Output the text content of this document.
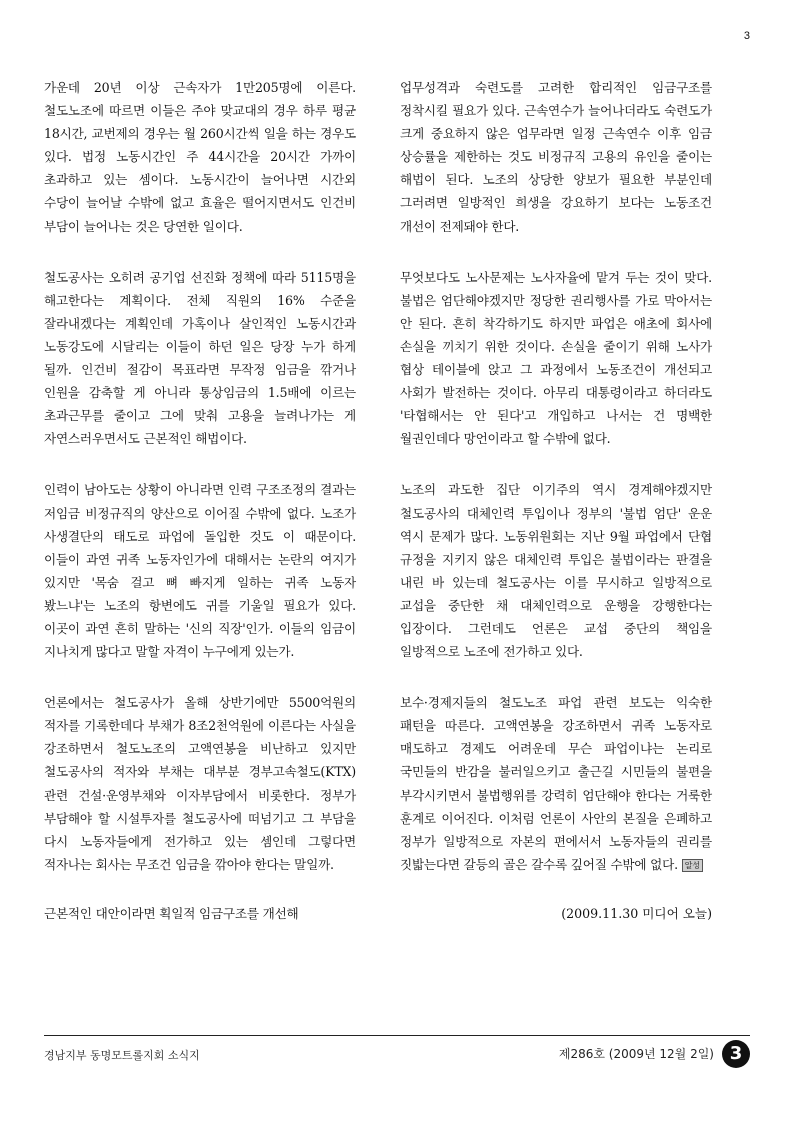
3

가운데 20년 이상 근속자가 1만205명에 이른다. 철도노조에 따르면 이들은 주야 맞교대의 경우 하루 평균 18시간, 교번제의 경우는 월 260시간씩 일을 하는 경우도 있다. 법정 노동시간인 주 44시간을 20시간 가까이 초과하고 있는 셈이다. 노동시간이 늘어나면 시간외 수당이 늘어날 수밖에 없고 효율은 떨어지면서도 인건비 부담이 늘어나는 것은 당연한 일이다.

철도공사는 오히려 공기업 선진화 정책에 따라 5115명을 해고한다는 계획이다. 전체 직원의 16% 수준을 잘라내겠다는 계획인데 가혹이나 살인적인 노동시간과 노동강도에 시달리는 이들이 하던 일은 당장 누가 하게 될까. 인건비 절감이 목표라면 무작정 임금을 깎거나 인원을 감축할 게 아니라 통상임금의 1.5배에 이르는 초과근무를 줄이고 그에 맞춰 고용을 늘려나가는 게 자연스러우면서도 근본적인 해법이다.

인력이 남아도는 상황이 아니라면 인력 구조조정의 결과는 저임금 비정규직의 양산으로 이어질 수밖에 없다. 노조가 사생결단의 태도로 파업에 돌입한 것도 이 때문이다. 이들이 과연 귀족 노동자인가에 대해서는 논란의 여지가 있지만 '목숨 걸고 뼈 빠지게 일하는 귀족 노동자 봤느냐'는 노조의 항변에도 귀를 기울일 필요가 있다. 이곳이 과연 흔히 말하는 '신의 직장'인가. 이들의 임금이 지나치게 많다고 말할 자격이 누구에게 있는가.

언론에서는 철도공사가 올해 상반기에만 5500억원의 적자를 기록한데다 부채가 8조2천억원에 이른다는 사실을 강조하면서 철도노조의 고액연봉을 비난하고 있지만 철도공사의 적자와 부채는 대부분 경부고속철도(KTX) 관련 건설·운영부채와 이자부담에서 비롯한다. 정부가 부담해야 할 시설투자를 철도공사에 떠넘기고 그 부담을 다시 노동자들에게 전가하고 있는 셈인데 그렇다면 적자나는 회사는 무조건 임금을 깎아야 한다는 말일까.

근본적인 대안이라면 획일적 임금구조를 개선해

업무성격과 숙련도를 고려한 합리적인 임금구조를 정착시킬 필요가 있다. 근속연수가 늘어나더라도 숙련도가 크게 중요하지 않은 업무라면 일정 근속연수 이후 임금 상승률을 제한하는 것도 비정규직 고용의 유인을 줄이는 해법이 된다. 노조의 상당한 양보가 필요한 부분인데 그러려면 일방적인 희생을 강요하기 보다는 노동조건 개선이 전제돼야 한다.

무엇보다도 노사문제는 노사자율에 맡겨 두는 것이 맞다. 불법은 엄단해야겠지만 정당한 권리행사를 가로 막아서는 안 된다. 흔히 착각하기도 하지만 파업은 애초에 회사에 손실을 끼치기 위한 것이다. 손실을 줄이기 위해 노사가 협상 테이블에 앉고 그 과정에서 노동조건이 개선되고 사회가 발전하는 것이다. 아무리 대통령이라고 하더라도 '타협해서는 안 된다'고 개입하고 나서는 건 명백한 월권인데다 망언이라고 할 수밖에 없다.

노조의 과도한 집단 이기주의 역시 경계해야겠지만 철도공사의 대체인력 투입이나 정부의 '불법 엄단' 운운 역시 문제가 많다. 노동위원회는 지난 9월 파업에서 단협 규정을 지키지 않은 대체인력 투입은 불법이라는 판결을 내린 바 있는데 철도공사는 이를 무시하고 일방적으로 교섭을 중단한 채 대체인력으로 운행을 강행한다는 입장이다. 그런데도 언론은 교섭 중단의 책임을 일방적으로 노조에 전가하고 있다.

보수·경제지들의 철도노조 파업 관련 보도는 익숙한 패턴을 따른다. 고액연봉을 강조하면서 귀족 노동자로 매도하고 경제도 어려운데 무슨 파업이냐는 논리로 국민들의 반감을 불러일으키고 출근길 시민들의 불편을 부각시키면서 불법행위를 강력히 엄단해야 한다는 거룩한 훈계로 이어진다. 이처럼 언론이 사안의 본질을 은폐하고 정부가 일방적으로 자본의 편에서서 노동자들의 권리를 짓밟는다면 갈등의 골은 갈수록 깊어질 수밖에 없다. 알성

(2009.11.30 미디어 오늘)
경남지부 동명모트롤지회 소식지	제286호 (2009년 12월 2일) 3
